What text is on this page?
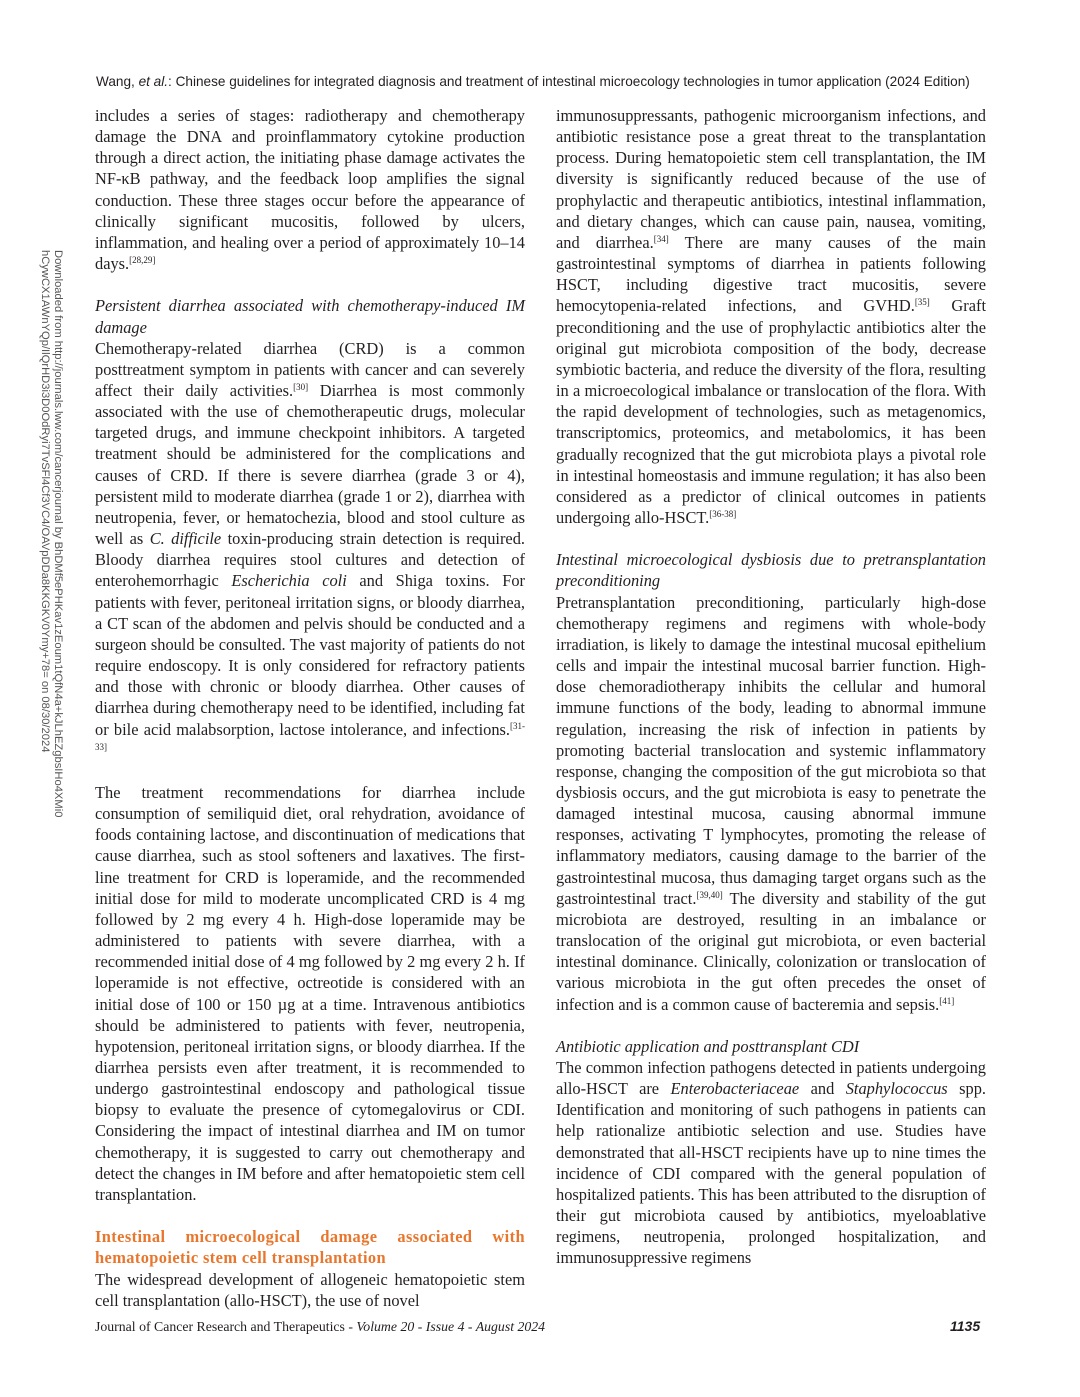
Wang, et al.: Chinese guidelines for integrated diagnosis and treatment of intestinal microecology technologies in tumor application (2024 Edition)
Downloaded from http://journals.lww.com/cancerjournal by BhDMf5ePHKav1zEoum1tQfN4a+kJLhEZgbsIHo4XMi0
hCywCX1AWnYQp/IlQrHD3i3D0OdRyi7TvSFl4Cf3VC4/OAVpDDa8KKGKV0Ymy+78= on 08/30/2024

includes a series of stages: radiotherapy and chemotherapy damage the DNA and proinflammatory cytokine production through a direct action, the initiating phase damage activates the NF-κB pathway, and the feedback loop amplifies the signal conduction. These three stages occur before the appearance of clinically significant mucositis, followed by ulcers, inflammation, and healing over a period of approximately 10–14 days.[28,29]

Persistent diarrhea associated with chemotherapy-induced IM damage

Chemotherapy-related diarrhea (CRD) is a common posttreatment symptom in patients with cancer and can severely affect their daily activities.[30] Diarrhea is most commonly associated with the use of chemotherapeutic drugs, molecular targeted drugs, and immune checkpoint inhibitors. A targeted treatment should be administered for the complications and causes of CRD. If there is severe diarrhea (grade 3 or 4), persistent mild to moderate diarrhea (grade 1 or 2), diarrhea with neutropenia, fever, or hematochezia, blood and stool culture as well as C. difficile toxin-producing strain detection is required. Bloody diarrhea requires stool cultures and detection of enterohemorrhagic Escherichia coli and Shiga toxins. For patients with fever, peritoneal irritation signs, or bloody diarrhea, a CT scan of the abdomen and pelvis should be conducted and a surgeon should be consulted. The vast majority of patients do not require endoscopy. It is only considered for refractory patients and those with chronic or bloody diarrhea. Other causes of diarrhea during chemotherapy need to be identified, including fat or bile acid malabsorption, lactose intolerance, and infections.[31-33]

The treatment recommendations for diarrhea include consumption of semiliquid diet, oral rehydration, avoidance of foods containing lactose, and discontinuation of medications that cause diarrhea, such as stool softeners and laxatives. The first-line treatment for CRD is loperamide, and the recommended initial dose for mild to moderate uncomplicated CRD is 4 mg followed by 2 mg every 4 h. High-dose loperamide may be administered to patients with severe diarrhea, with a recommended initial dose of 4 mg followed by 2 mg every 2 h. If loperamide is not effective, octreotide is considered with an initial dose of 100 or 150 µg at a time. Intravenous antibiotics should be administered to patients with fever, neutropenia, hypotension, peritoneal irritation signs, or bloody diarrhea. If the diarrhea persists even after treatment, it is recommended to undergo gastrointestinal endoscopy and pathological tissue biopsy to evaluate the presence of cytomegalovirus or CDI. Considering the impact of intestinal diarrhea and IM on tumor chemotherapy, it is suggested to carry out chemotherapy and detect the changes in IM before and after hematopoietic stem cell transplantation.

Intestinal microecological damage associated with hematopoietic stem cell transplantation

The widespread development of allogeneic hematopoietic stem cell transplantation (allo-HSCT), the use of novel

immunosuppressants, pathogenic microorganism infections, and antibiotic resistance pose a great threat to the transplantation process. During hematopoietic stem cell transplantation, the IM diversity is significantly reduced because of the use of prophylactic and therapeutic antibiotics, intestinal inflammation, and dietary changes, which can cause pain, nausea, vomiting, and diarrhea.[34] There are many causes of the main gastrointestinal symptoms of diarrhea in patients following HSCT, including digestive tract mucositis, severe hemocytopenia-related infections, and GVHD.[35] Graft preconditioning and the use of prophylactic antibiotics alter the original gut microbiota composition of the body, decrease symbiotic bacteria, and reduce the diversity of the flora, resulting in a microecological imbalance or translocation of the flora. With the rapid development of technologies, such as metagenomics, transcriptomics, proteomics, and metabolomics, it has been gradually recognized that the gut microbiota plays a pivotal role in intestinal homeostasis and immune regulation; it has also been considered as a predictor of clinical outcomes in patients undergoing allo-HSCT.[36-38]

Intestinal microecological dysbiosis due to pretransplantation preconditioning

Pretransplantation preconditioning, particularly high-dose chemotherapy regimens and regimens with whole-body irradiation, is likely to damage the intestinal mucosal epithelium cells and impair the intestinal mucosal barrier function. High-dose chemoradiotherapy inhibits the cellular and humoral immune functions of the body, leading to abnormal immune regulation, increasing the risk of infection in patients by promoting bacterial translocation and systemic inflammatory response, changing the composition of the gut microbiota so that dysbiosis occurs, and the gut microbiota is easy to penetrate the damaged intestinal mucosa, causing abnormal immune responses, activating T lymphocytes, promoting the release of inflammatory mediators, causing damage to the barrier of the gastrointestinal mucosa, thus damaging target organs such as the gastrointestinal tract.[39,40] The diversity and stability of the gut microbiota are destroyed, resulting in an imbalance or translocation of the original gut microbiota, or even bacterial intestinal dominance. Clinically, colonization or translocation of various microbiota in the gut often precedes the onset of infection and is a common cause of bacteremia and sepsis.[41]

Antibiotic application and posttransplant CDI

The common infection pathogens detected in patients undergoing allo-HSCT are Enterobacteriaceae and Staphylococcus spp. Identification and monitoring of such pathogens in patients can help rationalize antibiotic selection and use. Studies have demonstrated that all-HSCT recipients have up to nine times the incidence of CDI compared with the general population of hospitalized patients. This has been attributed to the disruption of their gut microbiota caused by antibiotics, myeloablative regimens, neutropenia, prolonged hospitalization, and immunosuppressive regimens

Journal of Cancer Research and Therapeutics - Volume 20 - Issue 4 - August 2024	1135
